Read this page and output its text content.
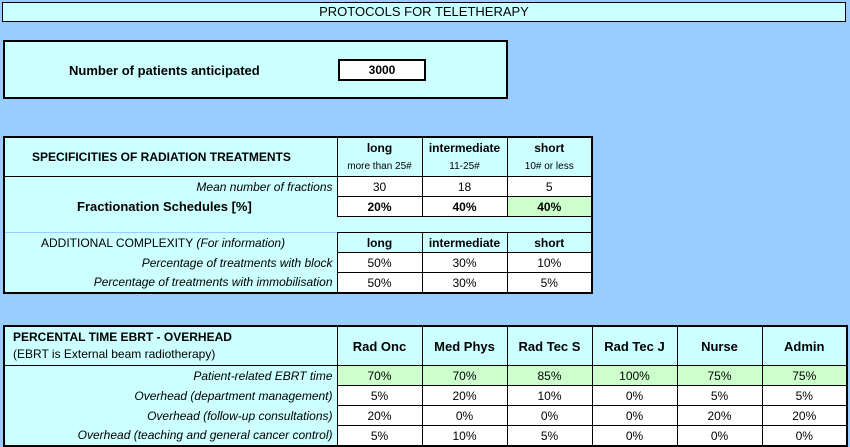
PROTOCOLS FOR TELETHERAPY
Number of patients anticipated	3000
SPECIFICITIES OF RADIATION TREATMENTS	long	intermediate	short
	more than 25#	11-25#	10# or less
Mean number of fractions	30	18	5
Fractionation Schedules [%]	20%	40%	40%

ADDITIONAL COMPLEXITY (For information)	long	intermediate	short
Percentage of treatments with block	50%	30%	10%
Percentage of treatments with immobilisation	50%	30%	5%
PERCENTAL TIME EBRT - OVERHEAD
(EBRT is External beam radiotherapy)	Rad Onc	Med Phys	Rad Tec S	Rad Tec J	Nurse	Admin
Patient-related EBRT time	70%	70%	85%	100%	75%	75%
Overhead (department management)	5%	20%	10%	0%	5%	5%
Overhead (follow-up consultations)	20%	0%	0%	0%	20%	20%
Overhead (teaching and general cancer control)	5%	10%	5%	0%	0%	0%
